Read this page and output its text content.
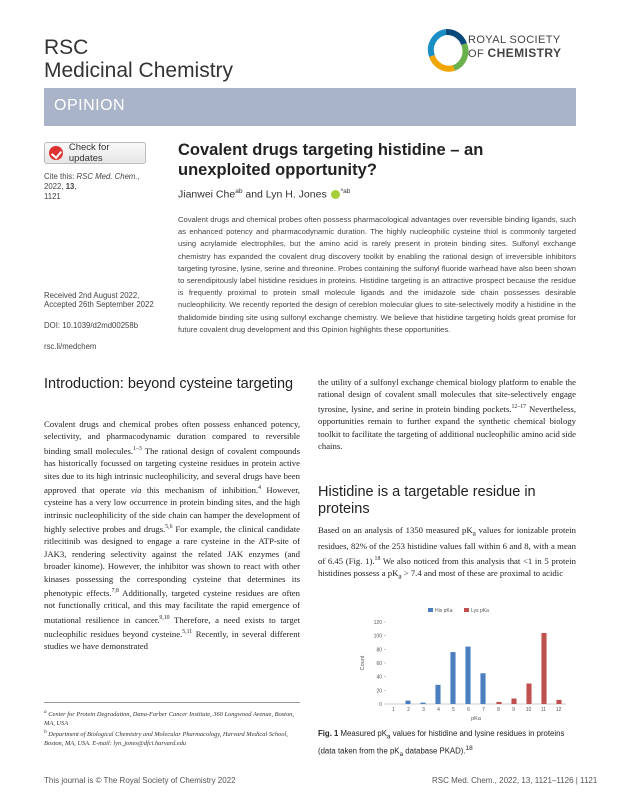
RSC
Medicinal Chemistry
ROYAL SOCIETY
OF CHEMISTRY
OPINION
Check for updates
Cite this: RSC Med. Chem., 2022, 13,
1121
Received 2nd August 2022,
Accepted 26th September 2022
DOI: 10.1039/d2md00258b
rsc.li/medchem
Covalent drugs targeting histidine – an unexploited opportunity?
Jianwei Che$^{ab}$ and Lyn H. Jones $^{*ab}$
Covalent drugs and chemical probes often possess pharmacological advantages over reversible binding ligands, such as enhanced potency and pharmacodynamic duration. The highly nucleophilic cysteine thiol is commonly targeted using acrylamide electrophiles, but the amino acid is rarely present in protein binding sites. Sulfonyl exchange chemistry has expanded the covalent drug discovery toolkit by enabling the rational design of irreversible inhibitors targeting tyrosine, lysine, serine and threonine. Probes containing the sulfonyl fluoride warhead have also been shown to serendipitously label histidine residues in proteins. Histidine targeting is an attractive prospect because the residue is frequently proximal to protein small molecule ligands and the imidazole side chain possesses desirable nucleophilicity. We recently reported the design of cereblon molecular glues to site-selectively modify a histidine in the thalidomide binding site using sulfonyl exchange chemistry. We believe that histidine targeting holds great promise for future covalent drug development and this Opinion highlights these opportunities.
Introduction: beyond cysteine targeting
Covalent drugs and chemical probes often possess enhanced potency, selectivity, and pharmacodynamic duration compared to reversible binding small molecules.$^{1-3}$ The rational design of covalent compounds has historically focussed on targeting cysteine residues in protein active sites due to its high intrinsic nucleophilicity, and several drugs have been approved that operate via this mechanism of inhibition.$^4$ However, cysteine has a very low occurrence in protein binding sites, and the high intrinsic nucleophilicity of the side chain can hamper the development of highly selective probes and drugs.$^{5,6}$ For example, the clinical candidate ritlecitinib was designed to engage a rare cysteine in the ATP-site of JAK3, rendering selectivity against the related JAK enzymes (and broader kinome). However, the inhibitor was shown to react with other kinases possessing the corresponding cysteine that determines its phenotypic effects.$^{7,8}$ Additionally, targeted cysteine residues are often not functionally critical, and this may facilitate the rapid emergence of mutational resilience in cancer.$^{9,10}$ Therefore, a need exists to target nucleophilic residues beyond cysteine.$^{5,11}$ Recently, in several different studies we have demonstrated
$^a$ Center for Protein Degradation, Dana-Farber Cancer Institute, 360 Longwood Avenue, Boston, MA, USA
$^b$ Department of Biological Chemistry and Molecular Pharmacology, Harvard Medical School, Boston, MA, USA. E-mail: lyn_jones@dfci.harvard.edu
the utility of a sulfonyl exchange chemical biology platform to enable the rational design of covalent small molecules that site-selectively engage tyrosine, lysine, and serine in protein binding pockets.$^{12-17}$ Nevertheless, opportunities remain to further expand the synthetic chemical biology toolkit to facilitate the targeting of additional nucleophilic amino acid side chains.
Histidine is a targetable residue in proteins
Based on an analysis of 1350 measured $pK_a$ values for ionizable protein residues, 82% of the 253 histidine values fall within 6 and 8, with a mean of 6.45 (Fig. 1).$^{18}$ We also noticed from this analysis that <1 in 5 protein histidines possess a $pK_a > 7.4$ and most of these are proximal to acidic
0
20
40
60
80
100
120
1 2 3 4 5 6 7 8 9 10 11 12
pKa
Count
His pKa	Lys pKa
Fig. 1 Measured $pK_a$ values for histidine and lysine residues in proteins (data taken from the $pK_a$ database PKAD).$^{18}$
This journal is © The Royal Society of Chemistry 2022	RSC Med. Chem., 2022, 13, 1121–1126 | 1121
